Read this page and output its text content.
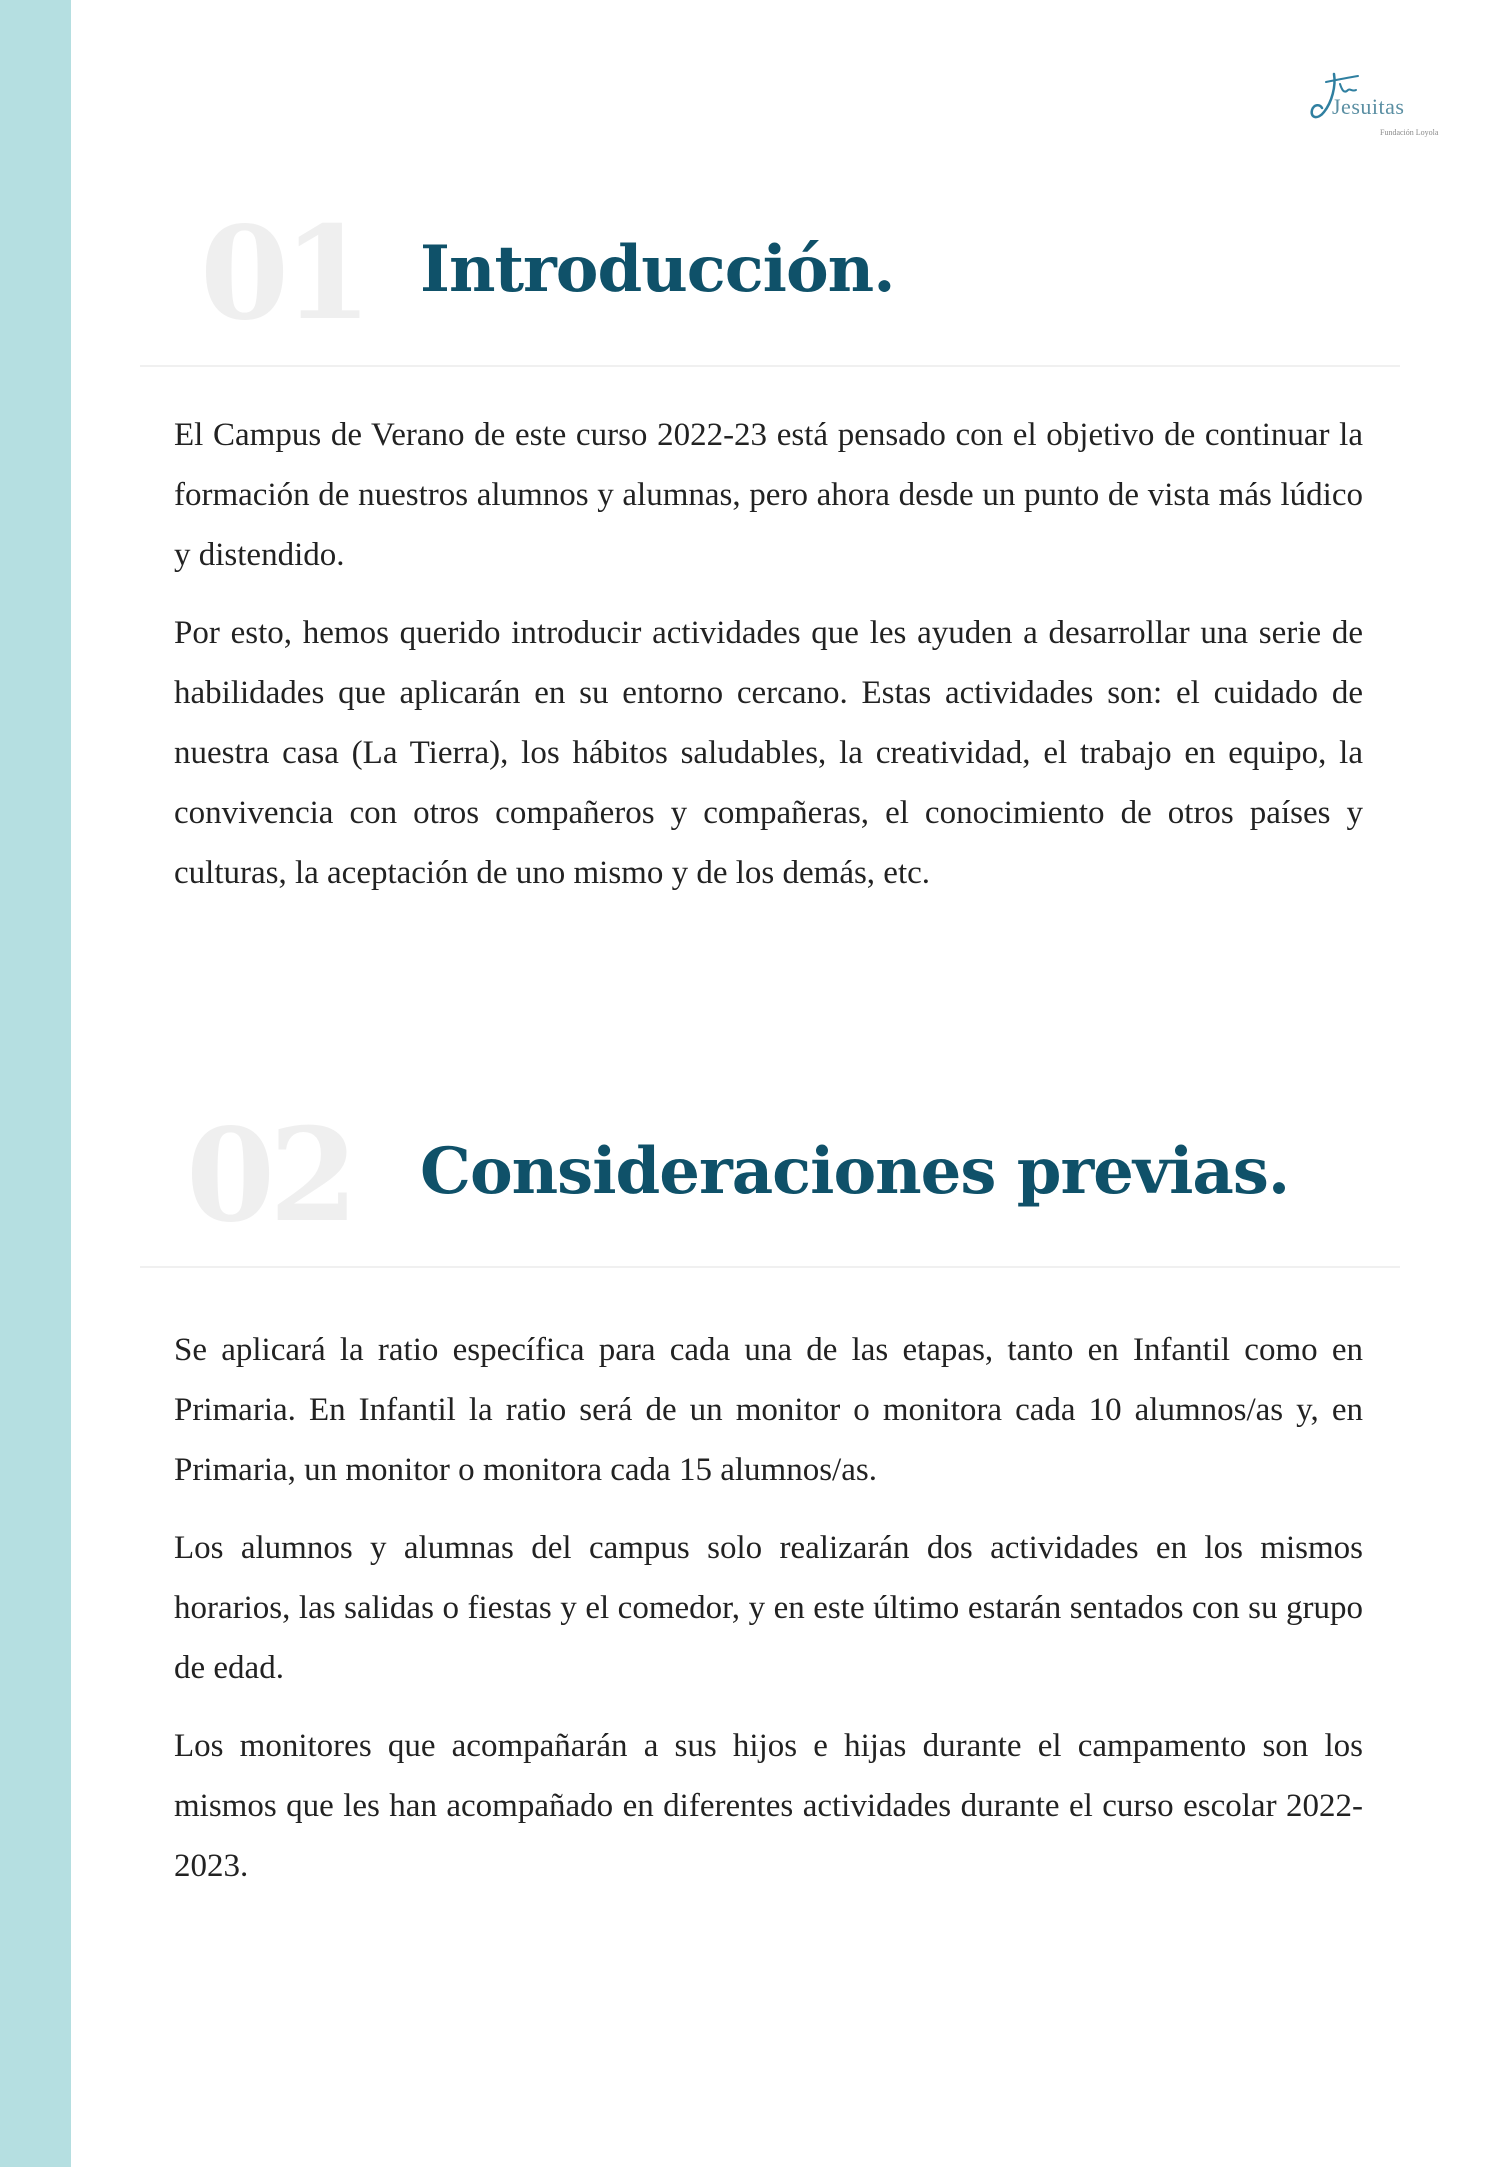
Jesuitas
Fundación Loyola
01 Introducción.

El Campus de Verano de este curso 2022-23 está pensado con el objetivo de continuar la formación de nuestros alumnos y alumnas, pero ahora desde un punto de vista más lúdico y distendido.

Por esto, hemos querido introducir actividades que les ayuden a desarrollar una serie de habilidades que aplicarán en su entorno cercano. Estas actividades son: el cuidado de nuestra casa (La Tierra), los hábitos saludables, la creatividad, el trabajo en equipo, la convivencia con otros compañeros y compañeras, el conocimiento de otros países y culturas, la aceptación de uno mismo y de los demás, etc.

02 Consideraciones previas.

Se aplicará la ratio específica para cada una de las etapas, tanto en Infantil como en Primaria. En Infantil la ratio será de un monitor o monitora cada 10 alumnos/as y, en Primaria, un monitor o monitora cada 15 alumnos/as.

Los alumnos y alumnas del campus solo realizarán dos actividades en los mismos horarios, las salidas o fiestas y el comedor, y en este último estarán sentados con su grupo de edad.

Los monitores que acompañarán a sus hijos e hijas durante el campamento son los mismos que les han acompañado en diferentes actividades durante el curso escolar 2022-2023.
